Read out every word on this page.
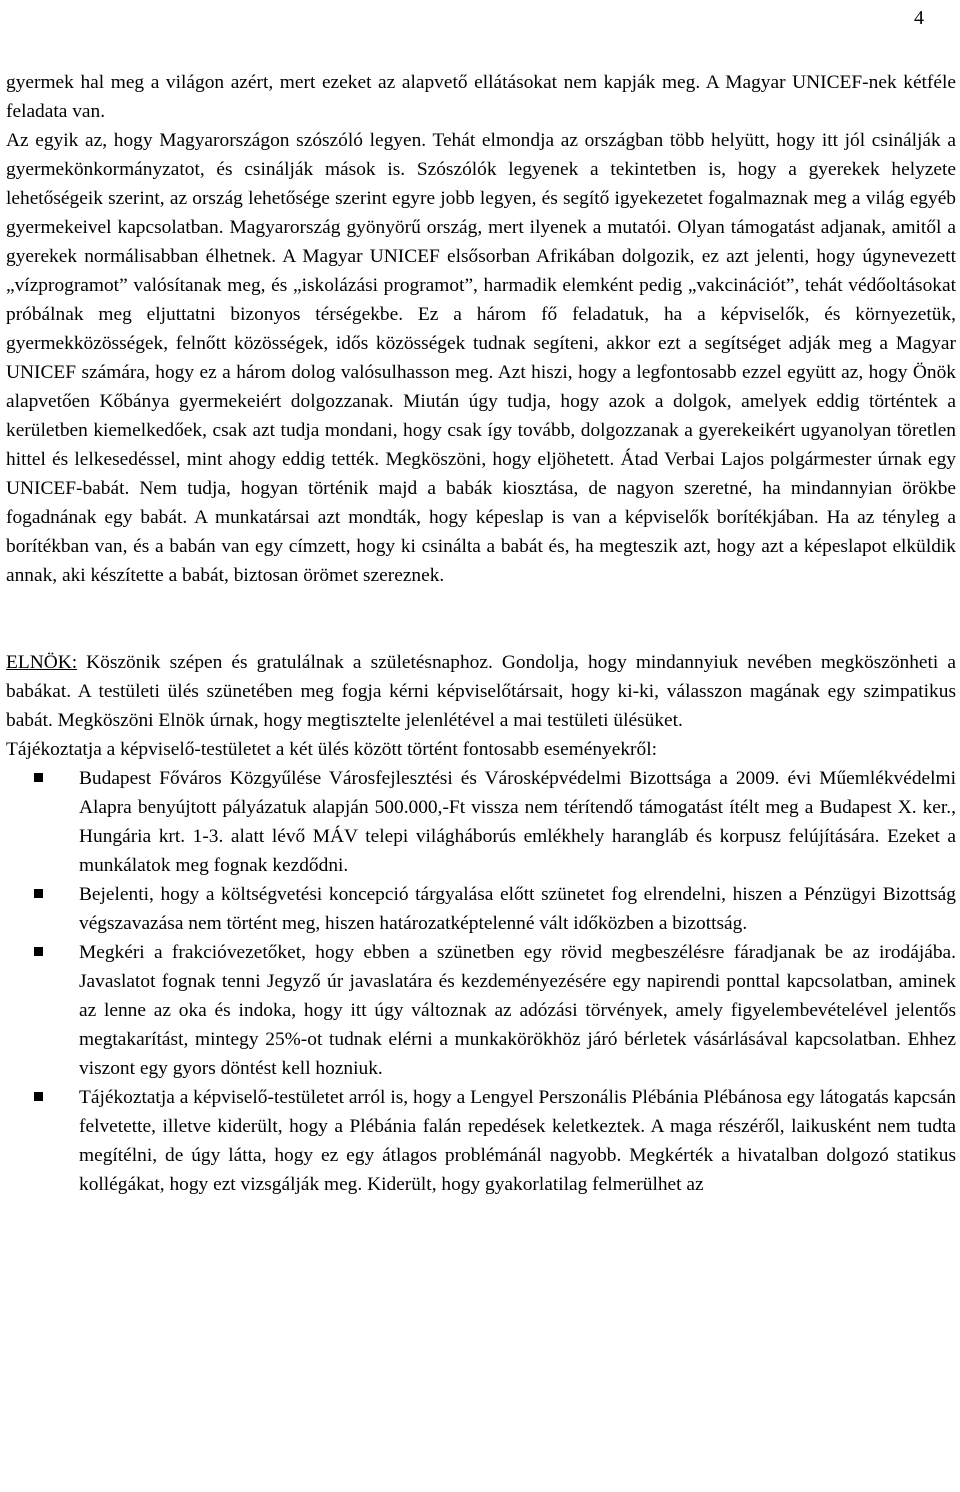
4

gyermek hal meg a világon azért, mert ezeket az alapvető ellátásokat nem kapják meg. A Magyar UNICEF-nek kétféle feladata van.

Az egyik az, hogy Magyarországon szószóló legyen. Tehát elmondja az országban több helyütt, hogy itt jól csinálják a gyermekönkormányzatot, és csinálják mások is. Szószólók legyenek a tekintetben is, hogy a gyerekek helyzete lehetőségeik szerint, az ország lehetősége szerint egyre jobb legyen, és segítő igyekezetet fogalmaznak meg a világ egyéb gyermekeivel kapcsolatban. Magyarország gyönyörű ország, mert ilyenek a mutatói. Olyan támogatást adjanak, amitől a gyerekek normálisabban élhetnek. A Magyar UNICEF elsősorban Afrikában dolgozik, ez azt jelenti, hogy úgynevezett „vízprogramot” valósítanak meg, és „iskolázási programot”, harmadik elemként pedig „vakcinációt”, tehát védőoltásokat próbálnak meg eljuttatni bizonyos térségekbe. Ez a három fő feladatuk, ha a képviselők, és környezetük, gyermekközösségek, felnőtt közösségek, idős közösségek tudnak segíteni, akkor ezt a segítséget adják meg a Magyar UNICEF számára, hogy ez a három dolog valósulhasson meg. Azt hiszi, hogy a legfontosabb ezzel együtt az, hogy Önök alapvetően Kőbánya gyermekeiért dolgozzanak. Miután úgy tudja, hogy azok a dolgok, amelyek eddig történtek a kerületben kiemelkedőek, csak azt tudja mondani, hogy csak így tovább, dolgozzanak a gyerekeikért ugyanolyan töretlen hittel és lelkesedéssel, mint ahogy eddig tették. Megköszöni, hogy eljöhetett. Átad Verbai Lajos polgármester úrnak egy UNICEF-babát. Nem tudja, hogyan történik majd a babák kiosztása, de nagyon szeretné, ha mindannyian örökbe fogadnának egy babát. A munkatársai azt mondták, hogy képeslap is van a képviselők borítékjában. Ha az tényleg a borítékban van, és a babán van egy címzett, hogy ki csinálta a babát és, ha megteszik azt, hogy azt a képeslapot elküldik annak, aki készítette a babát, biztosan örömet szereznek.

ELNÖK: Köszönik szépen és gratulálnak a születésnaphoz. Gondolja, hogy mindannyiuk nevében megköszönheti a babákat. A testületi ülés szünetében meg fogja kérni képviselőtársait, hogy ki-ki, válasszon magának egy szimpatikus babát. Megköszöni Elnök úrnak, hogy megtisztelte jelenlétével a mai testületi ülésüket.

Tájékoztatja a képviselő-testületet a két ülés között történt fontosabb eseményekről:

Budapest Főváros Közgyűlése Városfejlesztési és Városképvédelmi Bizottsága a 2009. évi Műemlékvédelmi Alapra benyújtott pályázatuk alapján 500.000,-Ft vissza nem térítendő támogatást ítélt meg a Budapest X. ker., Hungária krt. 1-3. alatt lévő MÁV telepi világháborús emlékhely harangláb és korpusz felújítására. Ezeket a munkálatok meg fognak kezdődni.
Bejelenti, hogy a költségvetési koncepció tárgyalása előtt szünetet fog elrendelni, hiszen a Pénzügyi Bizottság végszavazása nem történt meg, hiszen határozatképtelenné vált időközben a bizottság.
Megkéri a frakcióvezetőket, hogy ebben a szünetben egy rövid megbeszélésre fáradjanak be az irodájába. Javaslatot fognak tenni Jegyző úr javaslatára és kezdeményezésére egy napirendi ponttal kapcsolatban, aminek az lenne az oka és indoka, hogy itt úgy változnak az adózási törvények, amely figyelembevételével jelentős megtakarítást, mintegy 25%-ot tudnak elérni a munkakörökhöz járó bérletek vásárlásával kapcsolatban. Ehhez viszont egy gyors döntést kell hozniuk.
Tájékoztatja a képviselő-testületet arról is, hogy a Lengyel Perszonális Plébánia Plébánosa egy látogatás kapcsán felvetette, illetve kiderült, hogy a Plébánia falán repedések keletkeztek. A maga részéről, laikusként nem tudta megítélni, de úgy látta, hogy ez egy átlagos problémánál nagyobb. Megkérték a hivatalban dolgozó statikus kollégákat, hogy ezt vizsgálják meg. Kiderült, hogy gyakorlatilag felmerülhet az
